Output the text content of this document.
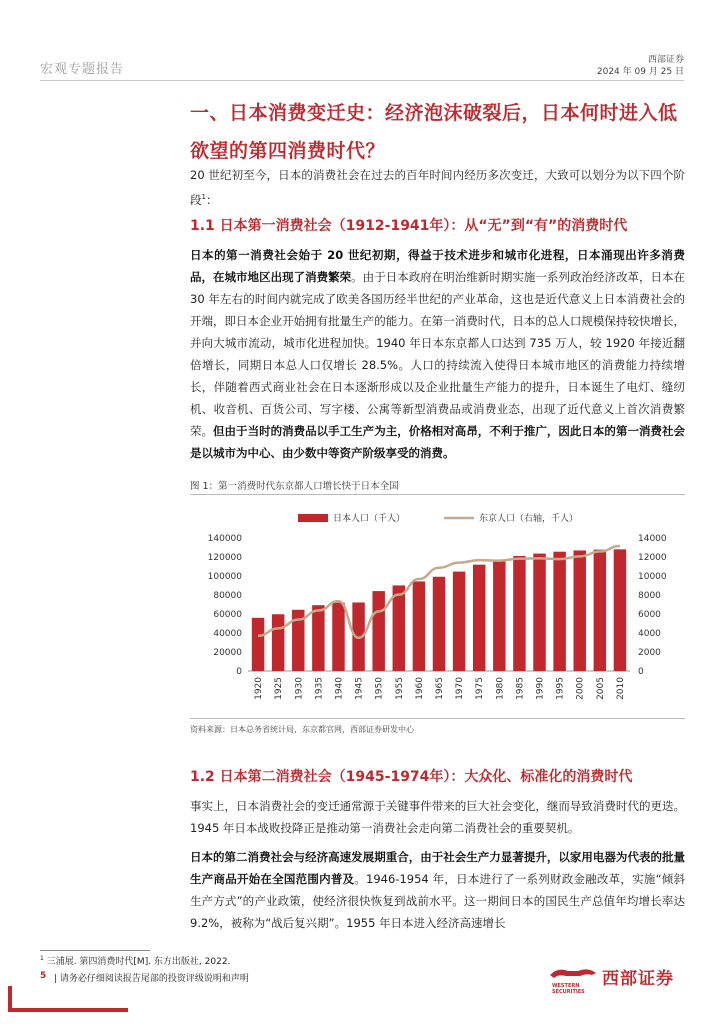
宏观专题报告
西部证券
2024 年 09 月 25 日
一、日本消费变迁史：经济泡沫破裂后，日本何时进入低欲望的第四消费时代？
20 世纪初至今，日本的消费社会在过去的百年时间内经历多次变迁，大致可以划分为以下四个阶段$^1$：
1.1 日本第一消费社会（1912-1941年）：从“无”到“有”的消费时代
日本的第一消费社会始于 20 世纪初期，得益于技术进步和城市化进程，日本涌现出许多消费品，在城市地区出现了消费繁荣。由于日本政府在明治维新时期实施一系列政治经济改革，日本在 30 年左右的时间内就完成了欧美各国历经半世纪的产业革命，这也是近代意义上日本消费社会的开端，即日本企业开始拥有批量生产的能力。在第一消费时代，日本的总人口规模保持较快增长，并向大城市流动，城市化进程加快。1940 年日本东京都人口达到 735 万人，较 1920 年接近翻倍增长，同期日本总人口仅增长 28.5%。人口的持续流入使得日本城市地区的消费能力持续增长，伴随着西式商业社会在日本逐渐形成以及企业批量生产能力的提升，日本诞生了电灯、缝纫机、收音机、百货公司、写字楼、公寓等新型消费品或消费业态，出现了近代意义上首次消费繁荣。但由于当时的消费品以手工生产为主，价格相对高昂，不利于推广，因此日本的第一消费社会是以城市为中心、由少数中等资产阶级享受的消费。
图 1：第一消费时代东京都人口增长快于日本全国
日本人口（千人）	东京人口（右轴，千人）
0
20000
40000
60000
80000
100000
120000
140000
0
2000
4000
6000
8000
10000
12000
14000
1920 1925 1930 1935 1940 1945 1950 1955 1960 1965 1970 1975 1980 1985 1990 1995 2000 2005 2010
资料来源：日本总务省统计局，东京都官网，西部证券研发中心
1.2 日本第二消费社会（1945-1974年）：大众化、标准化的消费时代
事实上，日本消费社会的变迁通常源于关键事件带来的巨大社会变化，继而导致消费时代的更迭。1945 年日本战败投降正是推动第一消费社会走向第二消费社会的重要契机。
日本的第二消费社会与经济高速发展期重合，由于社会生产力显著提升，以家用电器为代表的批量生产商品开始在全国范围内普及。1946-1954 年，日本进行了一系列财政金融改革，实施“倾斜生产方式”的产业政策，使经济很快恢复到战前水平。这一期间日本的国民生产总值年均增长率达 9.2%，被称为“战后复兴期”。1955 年日本进入经济高速增长
$^1$ 三浦展. 第四消费时代[M]. 东方出版社, 2022.
5 | 请务必仔细阅读报告尾部的投资评级说明和声明
WESTERN SECURITIES
西部证券
